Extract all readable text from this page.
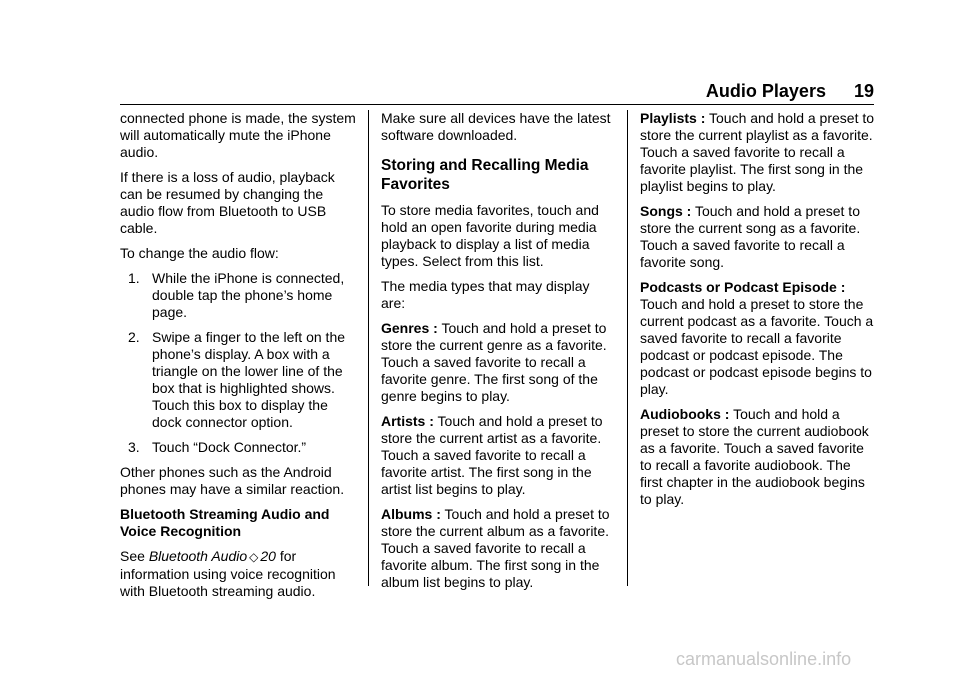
Audio Players 19

connected phone is made, the system will automatically mute the iPhone audio.

If there is a loss of audio, playback can be resumed by changing the audio flow from Bluetooth to USB cable.

To change the audio flow:

1. While the iPhone is connected, double tap the phone’s home page.
2. Swipe a finger to the left on the phone’s display. A box with a triangle on the lower line of the box that is highlighted shows. Touch this box to display the dock connector option.
3. Touch “Dock Connector.”

Other phones such as the Android phones may have a similar reaction.

Bluetooth Streaming Audio and Voice Recognition

See Bluetooth Audio ◇ 20 for information using voice recognition with Bluetooth streaming audio.

Make sure all devices have the latest software downloaded.

Storing and Recalling Media Favorites

To store media favorites, touch and hold an open favorite during media playback to display a list of media types. Select from this list.

The media types that may display are:

Genres : Touch and hold a preset to store the current genre as a favorite. Touch a saved favorite to recall a favorite genre. The first song of the genre begins to play.

Artists : Touch and hold a preset to store the current artist as a favorite. Touch a saved favorite to recall a favorite artist. The first song in the artist list begins to play.

Albums : Touch and hold a preset to store the current album as a favorite. Touch a saved favorite to recall a favorite album. The first song in the album list begins to play.

Playlists : Touch and hold a preset to store the current playlist as a favorite. Touch a saved favorite to recall a favorite playlist. The first song in the playlist begins to play.

Songs : Touch and hold a preset to store the current song as a favorite. Touch a saved favorite to recall a favorite song.

Podcasts or Podcast Episode : Touch and hold a preset to store the current podcast as a favorite. Touch a saved favorite to recall a favorite podcast or podcast episode. The podcast or podcast episode begins to play.

Audiobooks : Touch and hold a preset to store the current audiobook as a favorite. Touch a saved favorite to recall a favorite audiobook. The first chapter in the audiobook begins to play.

carmanualsonline.info
